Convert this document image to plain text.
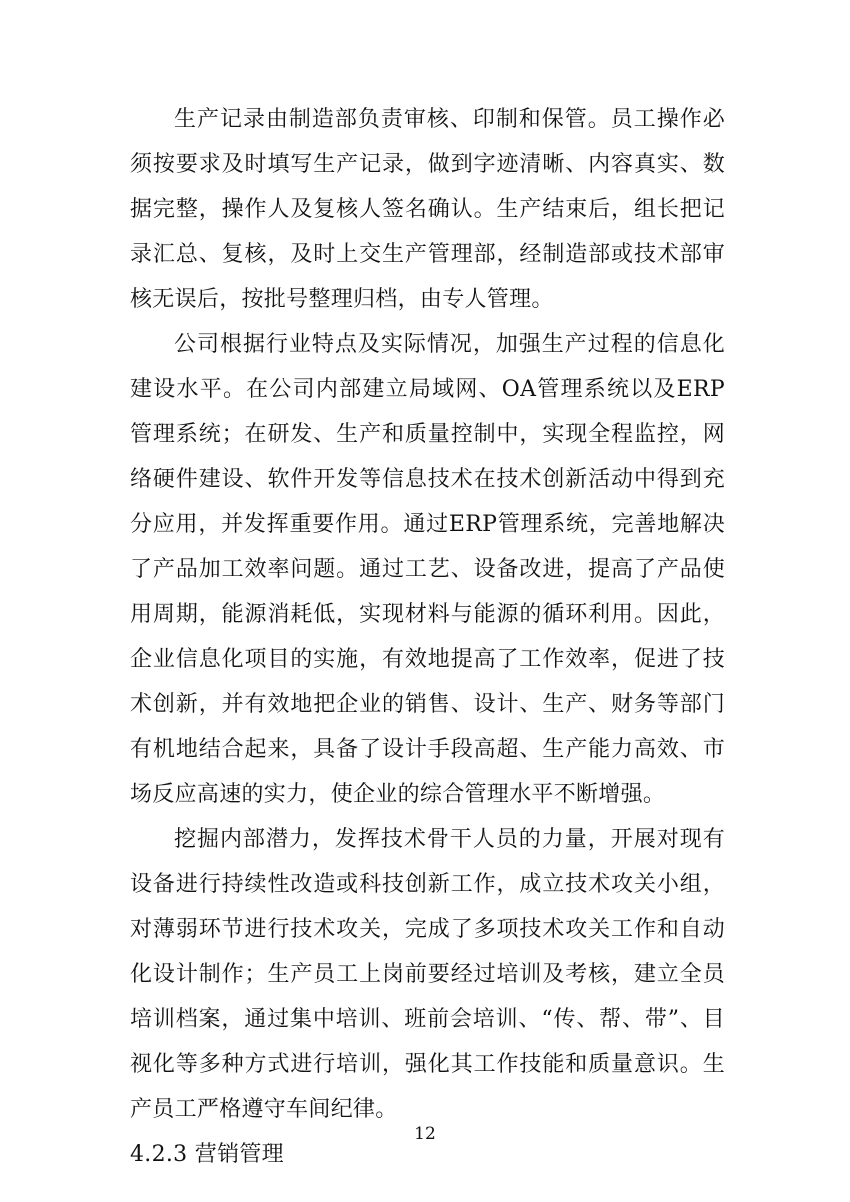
生产记录由制造部负责审核、印制和保管。员工操作必须按要求及时填写生产记录，做到字迹清晰、内容真实、数据完整，操作人及复核人签名确认。生产结束后，组长把记录汇总、复核，及时上交生产管理部，经制造部或技术部审核无误后，按批号整理归档，由专人管理。

公司根据行业特点及实际情况，加强生产过程的信息化建设水平。在公司内部建立局域网、OA管理系统以及ERP管理系统；在研发、生产和质量控制中，实现全程监控，网络硬件建设、软件开发等信息技术在技术创新活动中得到充分应用，并发挥重要作用。通过ERP管理系统，完善地解决了产品加工效率问题。通过工艺、设备改进，提高了产品使用周期，能源消耗低，实现材料与能源的循环利用。因此，企业信息化项目的实施，有效地提高了工作效率，促进了技术创新，并有效地把企业的销售、设计、生产、财务等部门有机地结合起来，具备了设计手段高超、生产能力高效、市场反应高速的实力，使企业的综合管理水平不断增强。

挖掘内部潜力，发挥技术骨干人员的力量，开展对现有设备进行持续性改造或科技创新工作，成立技术攻关小组，对薄弱环节进行技术攻关，完成了多项技术攻关工作和自动化设计制作；生产员工上岗前要经过培训及考核，建立全员培训档案，通过集中培训、班前会培训、“传、帮、带”、目视化等多种方式进行培训，强化其工作技能和质量意识。生产员工严格遵守车间纪律。

4.2.3 营销管理

12
